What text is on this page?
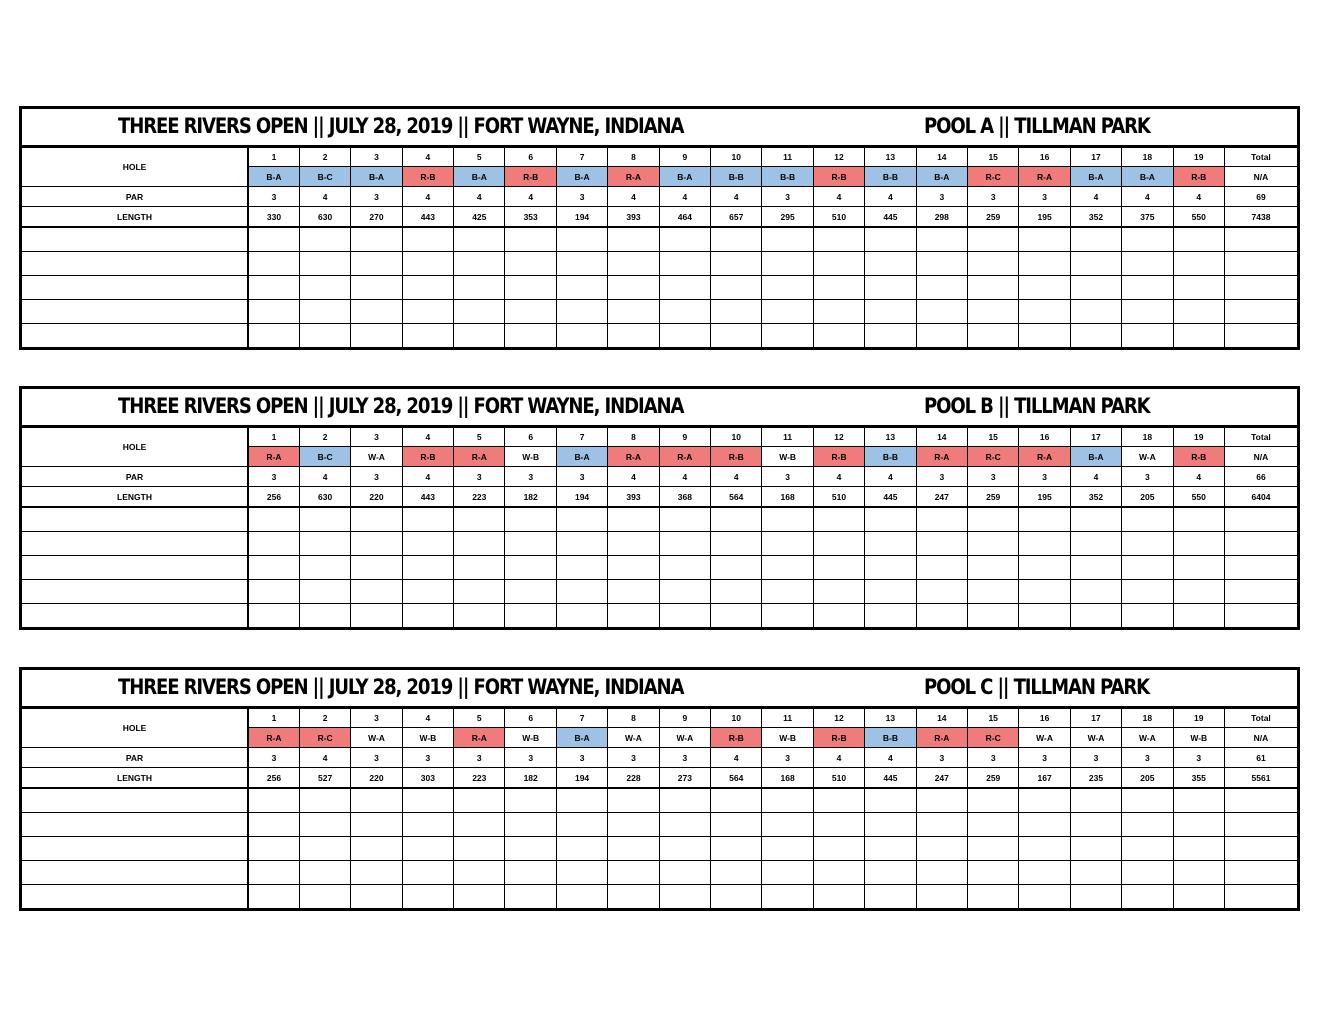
THREE RIVERS OPEN || JULY 28, 2019 || FORT WAYNE, INDIANA	POOL A || TILLMAN PARK
HOLE	1	2	3	4	5	6	7	8	9	10	11	12	13	14	15	16	17	18	19	Total
	B-A	B-C	B-A	R-B	B-A	R-B	B-A	R-A	B-A	B-B	B-B	R-B	B-B	B-A	R-C	R-A	B-A	B-A	R-B	N/A
PAR	3	4	3	4	4	4	3	4	4	4	3	4	4	3	3	3	4	4	4	69
LENGTH	330	630	270	443	425	353	194	393	464	657	295	510	445	298	259	195	352	375	550	7438

THREE RIVERS OPEN || JULY 28, 2019 || FORT WAYNE, INDIANA	POOL B || TILLMAN PARK
HOLE	1	2	3	4	5	6	7	8	9	10	11	12	13	14	15	16	17	18	19	Total
	R-A	B-C	W-A	R-B	R-A	W-B	B-A	R-A	R-A	R-B	W-B	R-B	B-B	R-A	R-C	R-A	B-A	W-A	R-B	N/A
PAR	3	4	3	4	3	3	3	4	4	4	3	4	4	3	3	3	4	3	4	66
LENGTH	256	630	220	443	223	182	194	393	368	564	168	510	445	247	259	195	352	205	550	6404

THREE RIVERS OPEN || JULY 28, 2019 || FORT WAYNE, INDIANA	POOL C || TILLMAN PARK
HOLE	1	2	3	4	5	6	7	8	9	10	11	12	13	14	15	16	17	18	19	Total
	R-A	R-C	W-A	W-B	R-A	W-B	B-A	W-A	W-A	R-B	W-B	R-B	B-B	R-A	R-C	W-A	W-A	W-A	W-B	N/A
PAR	3	4	3	3	3	3	3	3	3	4	3	4	4	3	3	3	3	3	3	61
LENGTH	256	527	220	303	223	182	194	228	273	564	168	510	445	247	259	167	235	205	355	5561
